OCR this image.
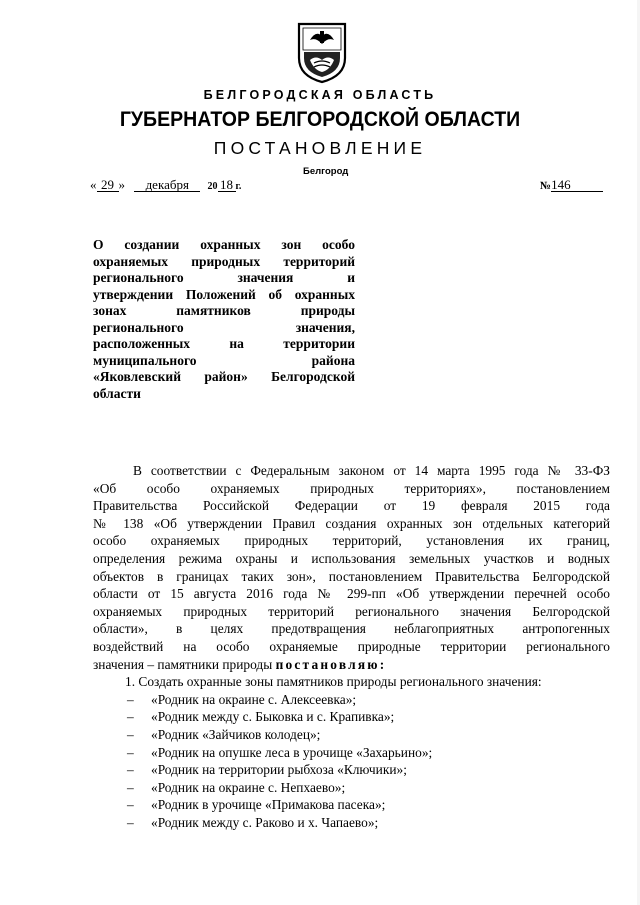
БЕЛГОРОДСКАЯ ОБЛАСТЬ
ГУБЕРНАТОР БЕЛГОРОДСКОЙ ОБЛАСТИ
ПОСТАНОВЛЕНИЕ
Белгород
« 29 » декабря 20 18 г.	№146
О создании охранных зон особо
охраняемых природных территорий
регионального значения и
утверждении Положений об охранных
зонах памятников природы
регионального значения,
расположенных на территории
муниципального района
«Яковлевский район» Белгородской
области
В соответствии с Федеральным законом от 14 марта 1995 года № 33-ФЗ
«Об особо охраняемых природных территориях», постановлением
Правительства Российской Федерации от 19 февраля 2015 года
№ 138 «Об утверждении Правил создания охранных зон отдельных категорий
особо охраняемых природных территорий, установления их границ,
определения режима охраны и использования земельных участков и водных
объектов в границах таких зон», постановлением Правительства Белгородской
области от 15 августа 2016 года № 299-пп «Об утверждении перечней особо
охраняемых природных территорий регионального значения Белгородской
области», в целях предотвращения неблагоприятных антропогенных
воздействий на особо охраняемые природные территории регионального
значения – памятники природы постановляю:
1. Создать охранные зоны памятников природы регионального значения:
–	«Родник на окраине с. Алексеевка»;
–	«Родник между с. Быковка и с. Крапивка»;
–	«Родник «Зайчиков колодец»;
–	«Родник на опушке леса в урочище «Захарьино»;
–	«Родник на территории рыбхоза «Ключики»;
–	«Родник на окраине с. Непхаево»;
–	«Родник в урочище «Примакова пасека»;
–	«Родник между с. Раково и х. Чапаево»;
